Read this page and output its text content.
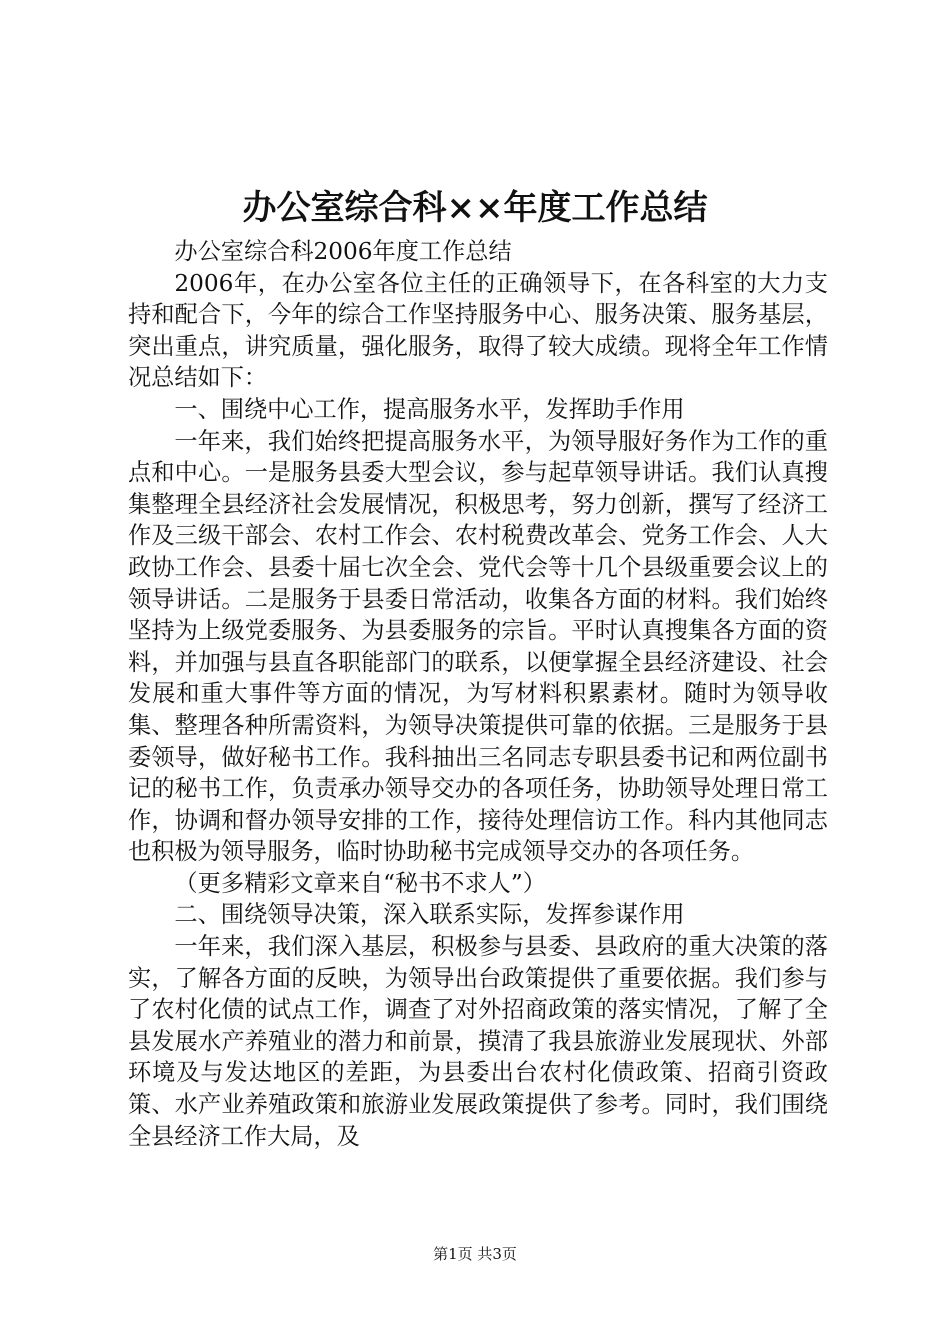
办公室综合科××年度工作总结

办公室综合科2006年度工作总结

2006年，在办公室各位主任的正确领导下，在各科室的大力支持和配合下，今年的综合工作坚持服务中心、服务决策、服务基层，突出重点，讲究质量，强化服务，取得了较大成绩。现将全年工作情况总结如下：

一、围绕中心工作，提高服务水平，发挥助手作用

一年来，我们始终把提高服务水平，为领导服好务作为工作的重点和中心。一是服务县委大型会议，参与起草领导讲话。我们认真搜集整理全县经济社会发展情况，积极思考，努力创新，撰写了经济工作及三级干部会、农村工作会、农村税费改革会、党务工作会、人大政协工作会、县委十届七次全会、党代会等十几个县级重要会议上的领导讲话。二是服务于县委日常活动，收集各方面的材料。我们始终坚持为上级党委服务、为县委服务的宗旨。平时认真搜集各方面的资料，并加强与县直各职能部门的联系，以便掌握全县经济建设、社会发展和重大事件等方面的情况，为写材料积累素材。随时为领导收集、整理各种所需资料，为领导决策提供可靠的依据。三是服务于县委领导，做好秘书工作。我科抽出三名同志专职县委书记和两位副书记的秘书工作，负责承办领导交办的各项任务，协助领导处理日常工作，协调和督办领导安排的工作，接待处理信访工作。科内其他同志也积极为领导服务，临时协助秘书完成领导交办的各项任务。

（更多精彩文章来自“秘书不求人”）

二、围绕领导决策，深入联系实际，发挥参谋作用

一年来，我们深入基层，积极参与县委、县政府的重大决策的落实，了解各方面的反映，为领导出台政策提供了重要依据。我们参与了农村化债的试点工作，调查了对外招商政策的落实情况，了解了全县发展水产养殖业的潜力和前景，摸清了我县旅游业发展现状、外部环境及与发达地区的差距，为县委出台农村化债政策、招商引资政策、水产业养殖政策和旅游业发展政策提供了参考。同时，我们围绕全县经济工作大局，及

第1页 共3页
